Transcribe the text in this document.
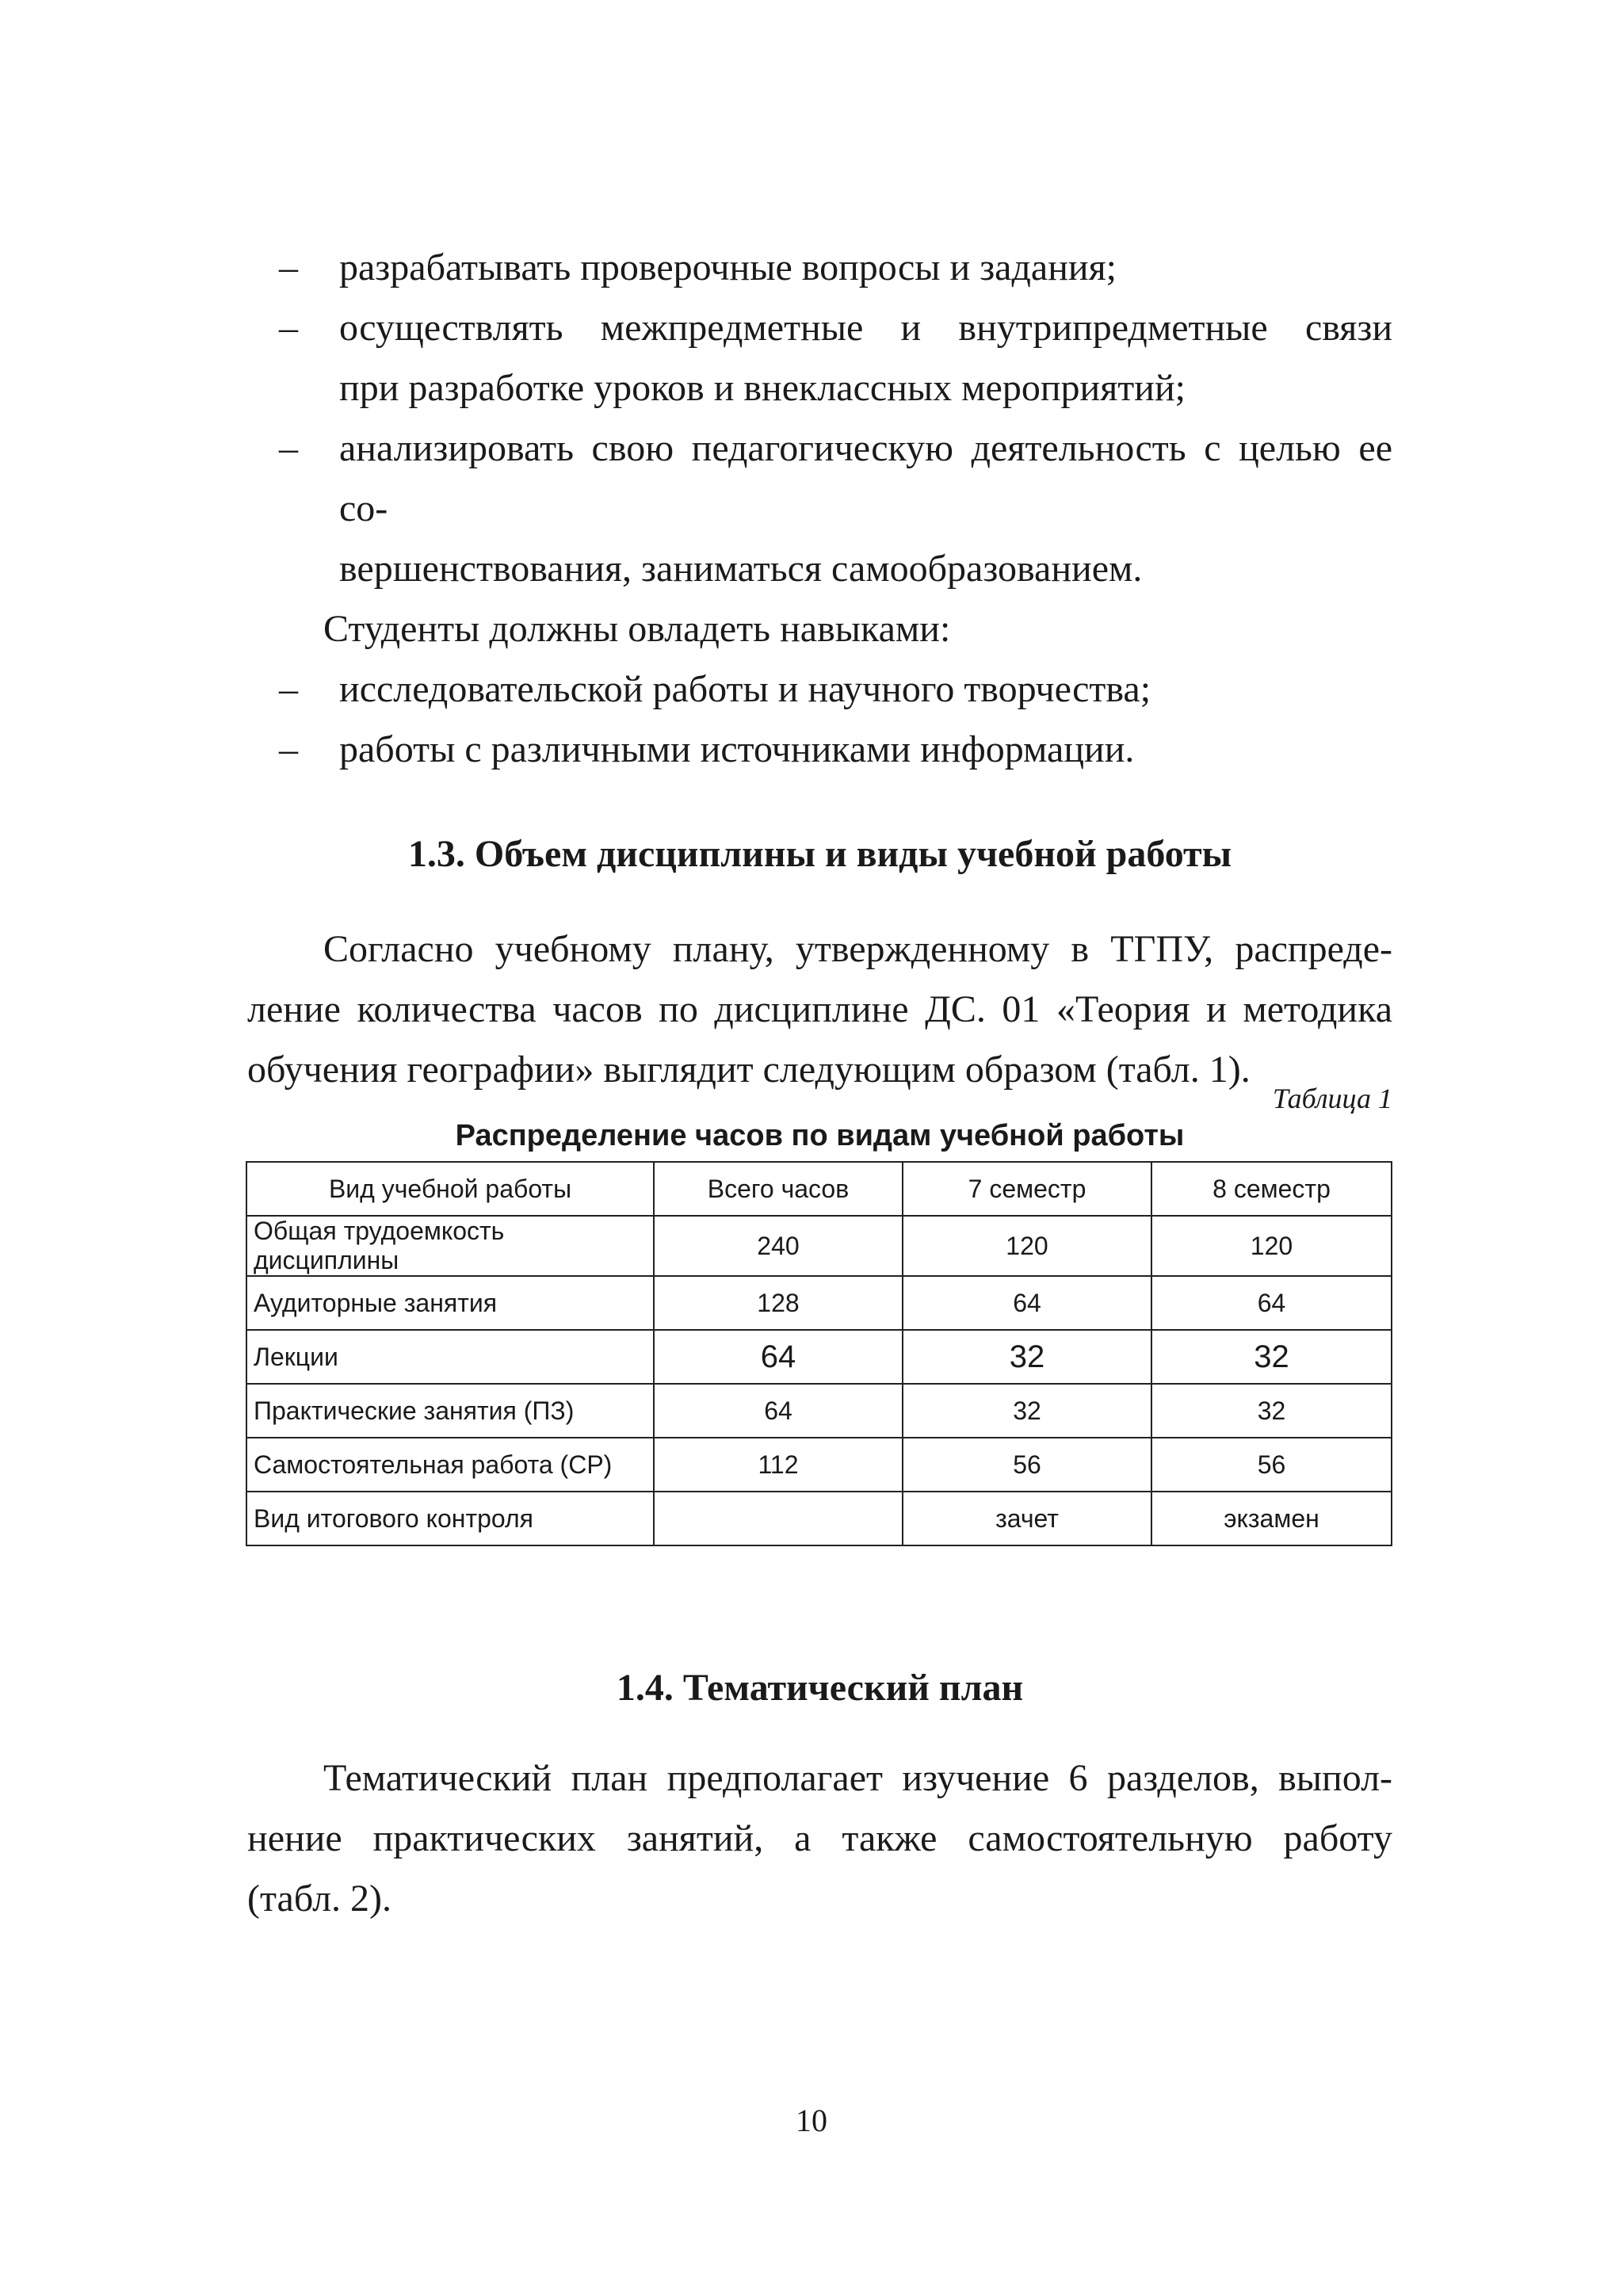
– разрабатывать проверочные вопросы и задания;
– осуществлять межпредметные и внутрипредметные связи
при разработке уроков и внеклассных мероприятий;
– анализировать свою педагогическую деятельность с целью ее со-
вершенствования, заниматься самообразованием.
Студенты должны овладеть навыками:
– исследовательской работы и научного творчества;
– работы с различными источниками информации.
1.3. Объем дисциплины и виды учебной работы
Согласно учебному плану, утвержденному в ТГПУ, распреде-
ление количества часов по дисциплине ДС. 01 «Теория и методика
обучения географии» выглядит следующим образом (табл. 1).
Таблица 1
Распределение часов по видам учебной работы
Вид учебной работы	Всего часов	7 семестр	8 семестр
Общая трудоемкость дисциплины	240	120	120
Аудиторные занятия	128	64	64
Лекции	64	32	32
Практические занятия (ПЗ)	64	32	32
Самостоятельная работа (СР)	112	56	56
Вид итогового контроля		зачет	экзамен
1.4. Тематический план
Тематический план предполагает изучение 6 разделов, выпол-
нение практических занятий, а также самостоятельную работу
(табл. 2).
10
